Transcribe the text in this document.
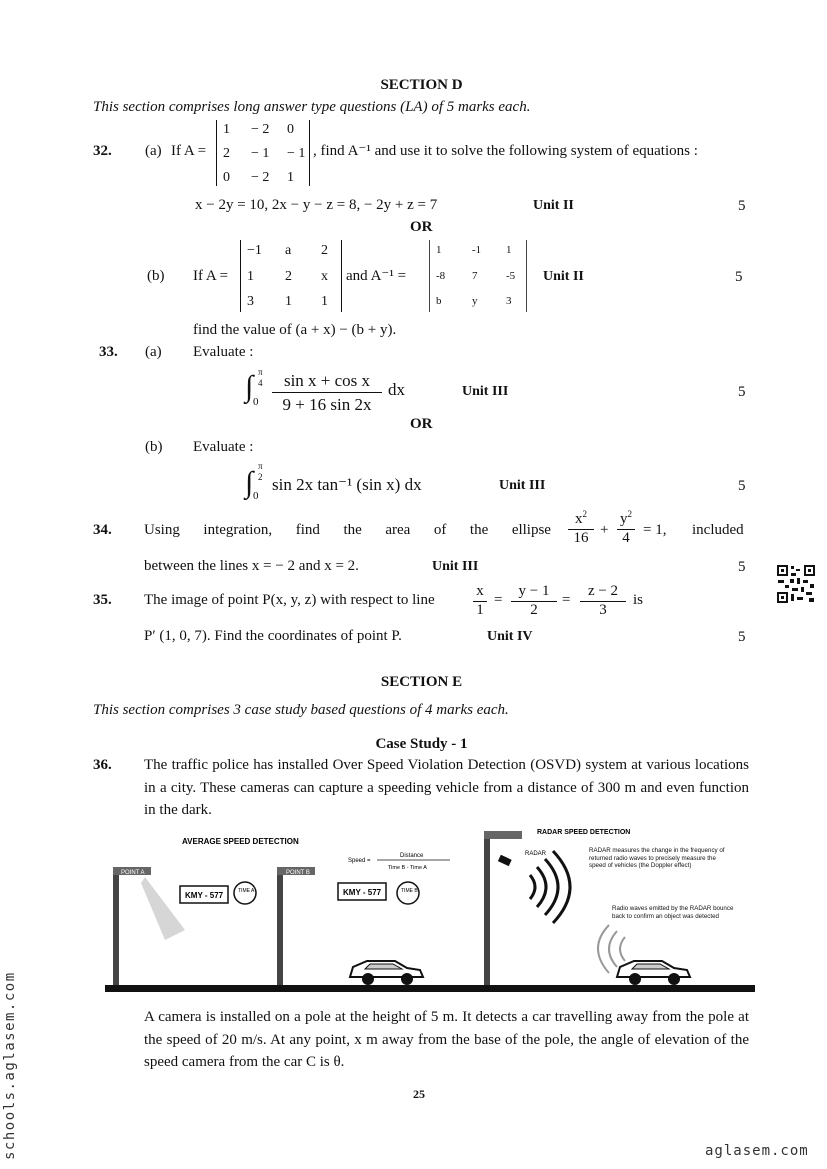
SECTION D
This section comprises long answer type questions (LA) of 5 marks each.
32. (a) If A =
1 − 2 0
2 − 1 − 1
0 − 2 1
, find A⁻¹ and use it to solve the following system of equations :
x − 2y = 10, 2x − y − z = 8, − 2y + z = 7	Unit II	5
OR
(b) If A =
−1 a 2
1 2 x
3 1 1
and A⁻¹ =
1	-1 1
-8 7	-5
b	y	3
Unit II	5
find the value of (a + x) − (b + y).
33. (a) Evaluate :
∫ π
4
$0 \frac{\text{sin x + cos x}}{9 + 16 \sin 2x}$ dx	Unit III	5
OR
(b) Evaluate :
∫ π
2
0
sin 2x tan⁻¹ (sin x) dx	Unit III	5
34. Using integration, find the area of the ellipse $\frac{x^2}{16} + \frac{y^2}{4} = 1$, included
between the lines x = − 2 and x = 2.	Unit III	5
35. The image of point P(x, y, z) with respect to line	$\frac{x}{1} = \frac{y - 1}{2} = \frac{z - 2}{3}$ is
P′ (1, 0, 7). Find the coordinates of point P.	Unit IV	5
SECTION E
This section comprises 3 case study based questions of 4 marks each.
Case Study - 1
36. The traffic police has installed Over Speed Violation Detection (OSVD) system at various locations in a city. These cameras can capture a speeding vehicle from a distance of 300 m and even function in the dark.
AVERAGE SPEED DETECTION
POINT A
KMY - 577	TIME A
POINT B
KMY - 577	TIME B
Speed =
Distance
Time B - Time A
RADAR
RADAR SPEED DETECTION
RADAR measures the change in the frequency of returned radio waves to precisely measure the speed of vehicles (the Doppler effect)
Radio waves emitted by the RADAR bounce back to confirm an object was detected
A camera is installed on a pole at the height of 5 m. It detects a car travelling away from the pole at the speed of 20 m/s. At any point, x m away from the base of the pole, the angle of elevation of the speed camera from the car C is θ.
25
schools.aglasem.com	aglasem.com
